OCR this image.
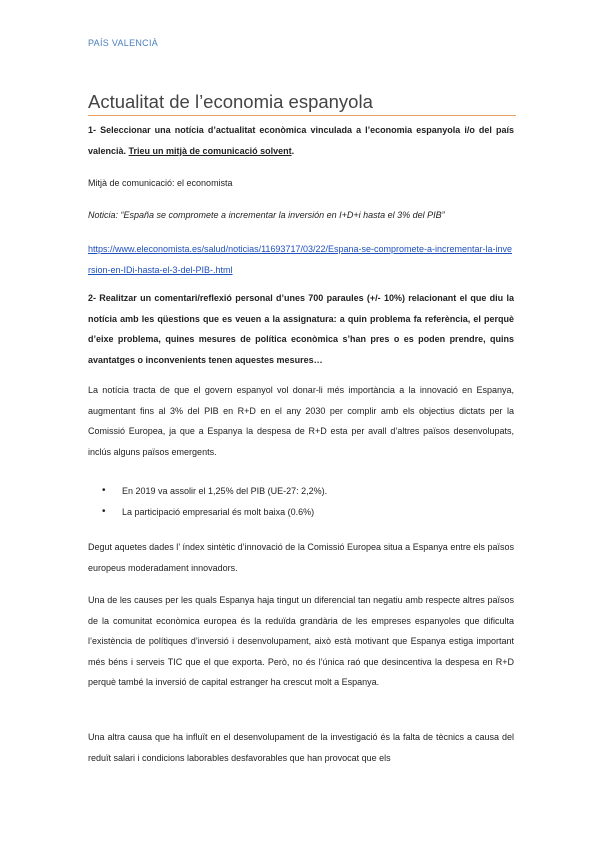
PAÍS VALENCIÀ
Actualitat de l’economia espanyola
1- Seleccionar una notícia d’actualitat econòmica vinculada a l’economia espanyola i/o del país valencià. Trieu un mitjà de comunicació solvent.
Mitjà de comunicació: el economista
Noticia: “España se compromete a incrementar la inversión en I+D+i hasta el 3% del PIB”
https://www.eleconomista.es/salud/noticias/11693717/03/22/Espana-se-compromete-a-incrementar-la-inversion-en-IDi-hasta-el-3-del-PIB-.html
2- Realitzar un comentari/reflexió personal d’unes 700 paraules (+/- 10%) relacionant el que diu la notícia amb les qüestions que es veuen a la assignatura: a quin problema fa referència, el perquè d’eixe problema, quines mesures de política econòmica s’han pres o es poden prendre, quins avantatges o inconvenients tenen aquestes mesures…
La notícia tracta de que el govern espanyol vol donar-li més importància a la innovació en Espanya, augmentant fins al 3% del PIB en R+D en el any 2030 per complir amb els objectius dictats per la Comissió Europea, ja que a Espanya la despesa de R+D esta per avall d’altres països desenvolupats, inclús alguns països emergents.
• En 2019 va assolir el 1,25% del PIB (UE-27: 2,2%).
• La participació empresarial és molt baixa (0.6%)
Degut aquetes dades l’ índex sintètic d’innovació de la Comissió Europea situa a Espanya entre els països europeus moderadament innovadors.
Una de les causes per les quals Espanya haja tingut un diferencial tan negatiu amb respecte altres països de la comunitat econòmica europea és la reduïda grandària de les empreses espanyoles que dificulta l’existència de polítiques d’inversió i desenvolupament, això està motivant que Espanya estiga important més béns i serveis TIC que el que exporta. Però, no és l’única raó que desincentiva la despesa en R+D perquè també la inversió de capital estranger ha crescut molt a Espanya.
Una altra causa que ha influït en el desenvolupament de la investigació és la falta de tècnics a causa del reduït salari i condicions laborables desfavorables que han provocat que els
